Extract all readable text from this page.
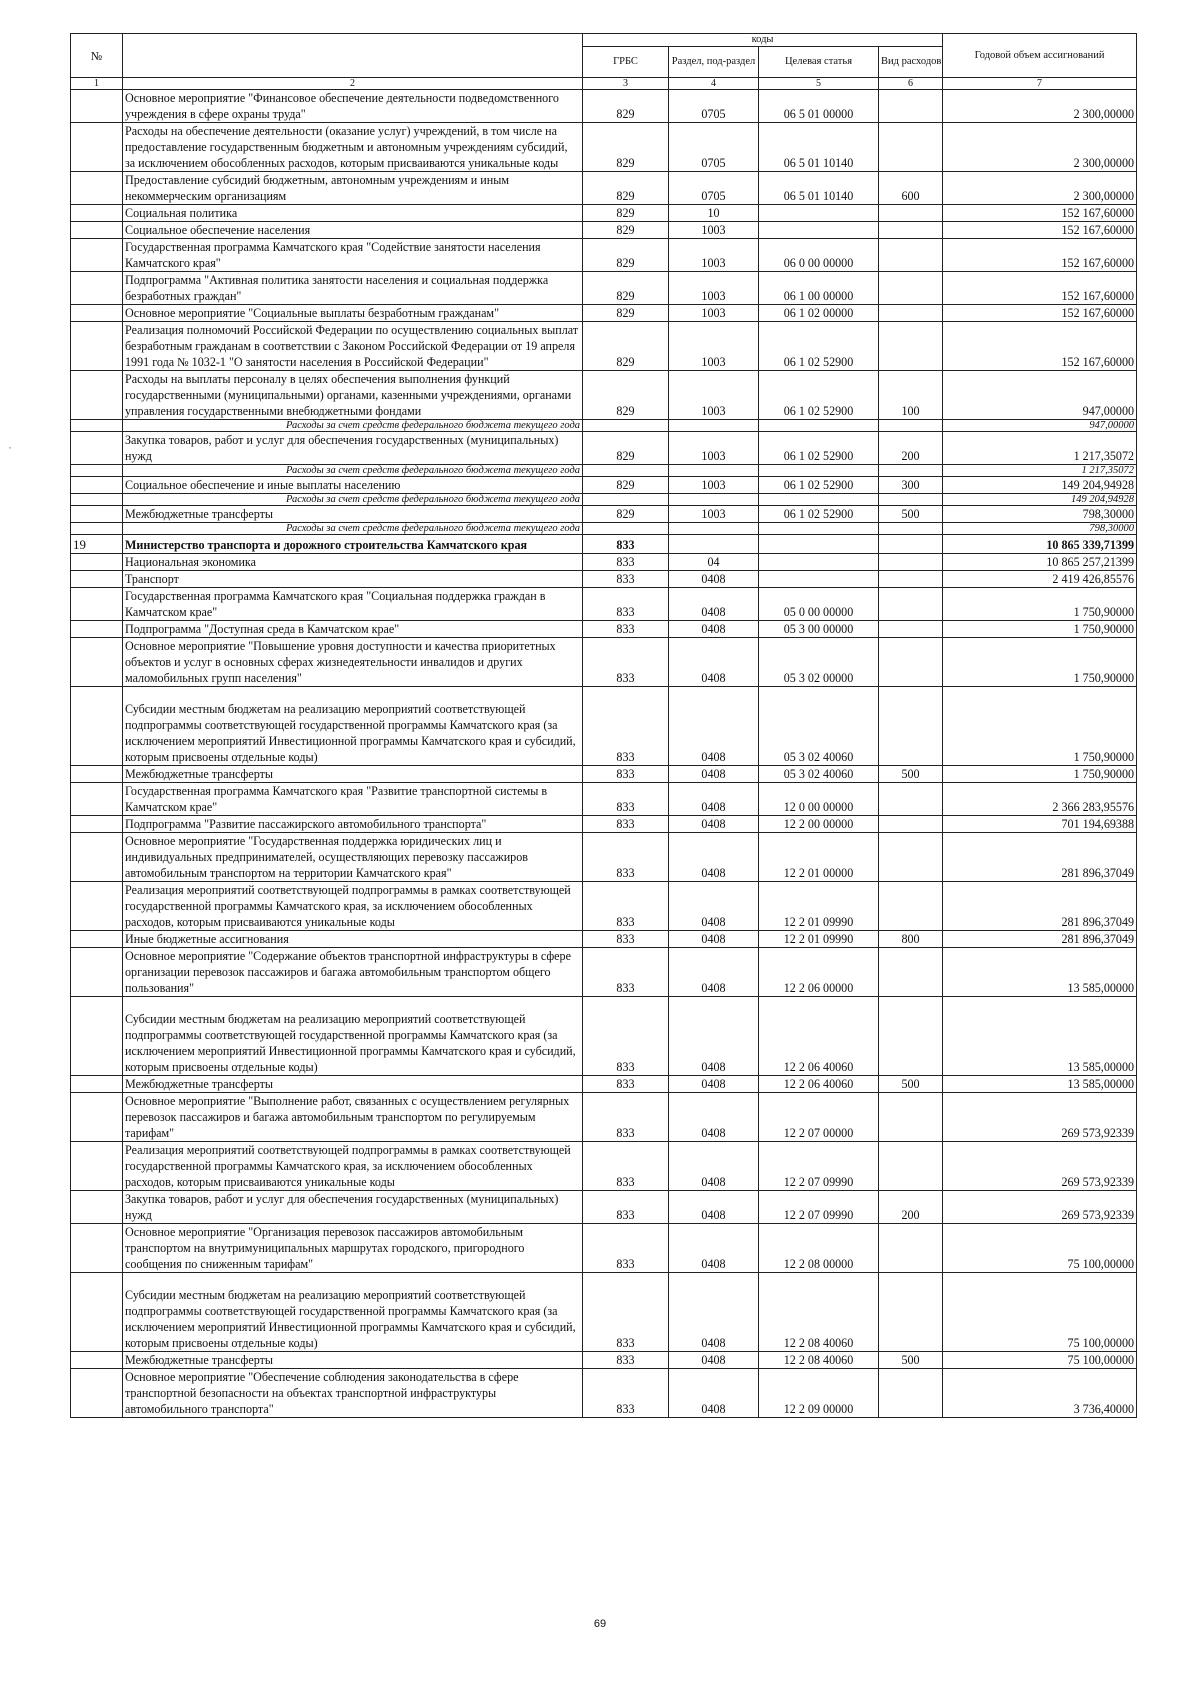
№		коды				Годовой объем ассигнований
		ГРБС	Раздел, под-раздел	Целевая статья	Вид расходов	
1	2	3	4	5	6	7
	Основное мероприятие "Финансовое обеспечение деятельности подведомственного учреждения в сфере охраны труда"	829	0705	06 5 01 00000		2 300,00000
	Расходы на обеспечение деятельности (оказание услуг) учреждений, в том числе на предоставление государственным бюджетным и автономным учреждениям субсидий, за исключением обособленных расходов, которым присваиваются уникальные коды	829	0705	06 5 01 10140		2 300,00000
	Предоставление субсидий бюджетным, автономным учреждениям и иным некоммерческим организациям	829	0705	06 5 01 10140	600	2 300,00000
	Социальная политика	829	10			152 167,60000
	Социальное обеспечение населения	829	1003			152 167,60000
	Государственная программа Камчатского края "Содействие занятости населения Камчатского края"	829	1003	06 0 00 00000		152 167,60000
	Подпрограмма "Активная политика занятости населения и социальная поддержка безработных граждан"	829	1003	06 1 00 00000		152 167,60000
	Основное мероприятие "Социальные выплаты безработным гражданам"	829	1003	06 1 02 00000		152 167,60000
	Реализация полномочий Российской Федерации по осуществлению социальных выплат безработным гражданам в соответствии с Законом Российской Федерации от 19 апреля 1991 года № 1032-1 "О занятости населения в Российской Федерации"	829	1003	06 1 02 52900		152 167,60000
	Расходы на выплаты персоналу в целях обеспечения выполнения функций государственными (муниципальными) органами, казенными учреждениями, органами управления государственными внебюджетными фондами	829	1003	06 1 02 52900	100	947,00000
	Расходы за счет средств федерального бюджета текущего года					947,00000
	Закупка товаров, работ и услуг для обеспечения государственных (муниципальных) нужд	829	1003	06 1 02 52900	200	1 217,35072
	Расходы за счет средств федерального бюджета текущего года					1 217,35072
	Социальное обеспечение и иные выплаты населению	829	1003	06 1 02 52900	300	149 204,94928
	Расходы за счет средств федерального бюджета текущего года					149 204,94928
	Межбюджетные трансферты	829	1003	06 1 02 52900	500	798,30000
	Расходы за счет средств федерального бюджета текущего года					798,30000
19	Министерство транспорта и дорожного строительства Камчатского края	833				10 865 339,71399
	Национальная экономика	833	04			10 865 257,21399
	Транспорт	833	0408			2 419 426,85576
	Государственная программа Камчатского края "Социальная поддержка граждан в Камчатском крае"	833	0408	05 0 00 00000		1 750,90000
	Подпрограмма "Доступная среда в Камчатском крае"	833	0408	05 3 00 00000		1 750,90000
	Основное мероприятие "Повышение уровня доступности и качества приоритетных объектов и услуг в основных сферах жизнедеятельности инвалидов и других маломобильных групп населения"	833	0408	05 3 02 00000		1 750,90000
	Субсидии местным бюджетам на реализацию мероприятий соответствующей подпрограммы соответствующей государственной программы Камчатского края (за исключением мероприятий Инвестиционной программы Камчатского края и субсидий, которым присвоены отдельные коды)	833	0408	05 3 02 40060		1 750,90000
	Межбюджетные трансферты	833	0408	05 3 02 40060	500	1 750,90000
	Государственная программа Камчатского края "Развитие транспортной системы в Камчатском крае"	833	0408	12 0 00 00000		2 366 283,95576
	Подпрограмма "Развитие пассажирского автомобильного транспорта"	833	0408	12 2 00 00000		701 194,69388
	Основное мероприятие "Государственная поддержка юридических лиц и индивидуальных предпринимателей, осуществляющих перевозку пассажиров автомобильным транспортом на территории Камчатского края"	833	0408	12 2 01 00000		281 896,37049
	Реализация мероприятий соответствующей подпрограммы в рамках соответствующей государственной программы Камчатского края, за исключением обособленных расходов, которым присваиваются уникальные коды	833	0408	12 2 01 09990		281 896,37049
	Иные бюджетные ассигнования	833	0408	12 2 01 09990	800	281 896,37049
	Основное мероприятие "Содержание объектов транспортной инфраструктуры в сфере организации перевозок пассажиров и багажа автомобильным транспортом общего пользования"	833	0408	12 2 06 00000		13 585,00000
	Субсидии местным бюджетам на реализацию мероприятий соответствующей подпрограммы соответствующей государственной программы Камчатского края (за исключением мероприятий Инвестиционной программы Камчатского края и субсидий, которым присвоены отдельные коды)	833	0408	12 2 06 40060		13 585,00000
	Межбюджетные трансферты	833	0408	12 2 06 40060	500	13 585,00000
	Основное мероприятие "Выполнение работ, связанных с осуществлением регулярных перевозок пассажиров и багажа автомобильным транспортом по регулируемым тарифам"	833	0408	12 2 07 00000		269 573,92339
	Реализация мероприятий соответствующей подпрограммы в рамках соответствующей государственной программы Камчатского края, за исключением обособленных расходов, которым присваиваются уникальные коды	833	0408	12 2 07 09990		269 573,92339
	Закупка товаров, работ и услуг для обеспечения государственных (муниципальных) нужд	833	0408	12 2 07 09990	200	269 573,92339
	Основное мероприятие "Организация перевозок пассажиров автомобильным транспортом на внутримуниципальных маршрутах городского, пригородного сообщения по сниженным тарифам"	833	0408	12 2 08 00000		75 100,00000
	Субсидии местным бюджетам на реализацию мероприятий соответствующей подпрограммы соответствующей государственной программы Камчатского края (за исключением мероприятий Инвестиционной программы Камчатского края и субсидий, которым присвоены отдельные коды)	833	0408	12 2 08 40060		75 100,00000
	Межбюджетные трансферты	833	0408	12 2 08 40060	500	75 100,00000
	Основное мероприятие "Обеспечение соблюдения законодательства в сфере транспортной безопасности на объектах транспортной инфраструктуры автомобильного транспорта"	833	0408	12 2 09 00000		3 736,40000
69
·
